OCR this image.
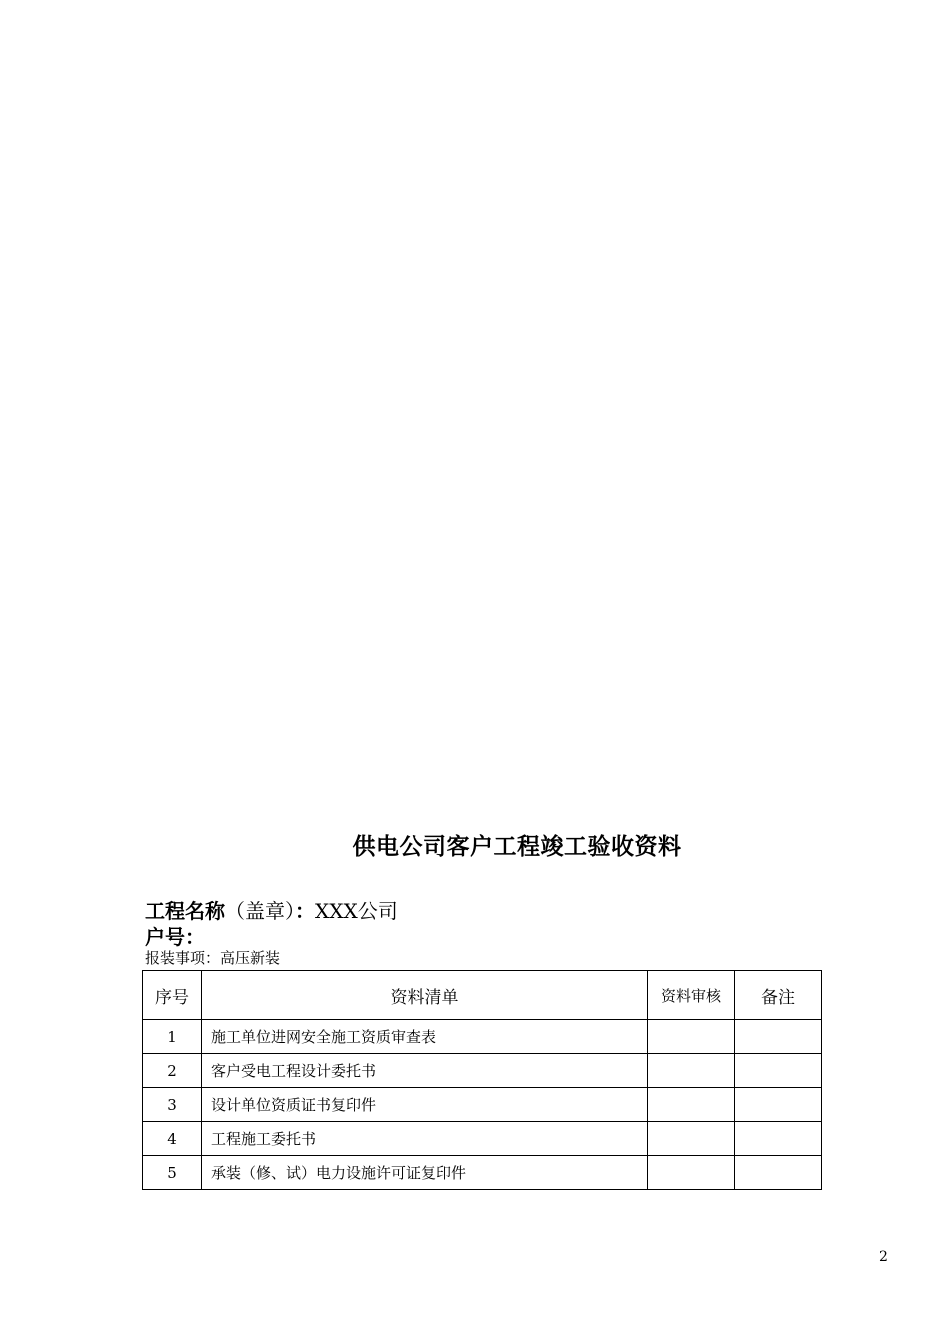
供电公司客户工程竣工验收资料
工程名称（盖章）：XXX公司
户号：
报装事项：高压新装
序号	资料清单	资料审核	备注
1	施工单位进网安全施工资质审查表		
2	客户受电工程设计委托书		
3	设计单位资质证书复印件		
4	工程施工委托书		
5	承装（修、试）电力设施许可证复印件		
2
